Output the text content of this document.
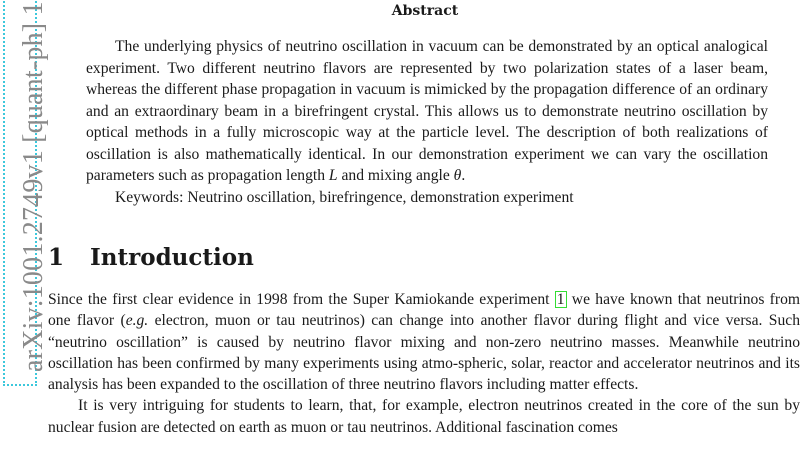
arXiv:1001.2749v1 [quant-ph] 1	Abstract

The underlying physics of neutrino oscillation in vacuum can be demonstrated by an optical analogical experiment. Two different neutrino flavors are represented by two polarization states of a laser beam, whereas the different phase propagation in vacuum is mimicked by the propagation difference of an ordinary and an extraordinary beam in a birefringent crystal. This allows us to demonstrate neutrino oscillation by optical methods in a fully microscopic way at the particle level. The description of both realizations of oscillation is also mathematically identical. In our demonstration experiment we can vary the oscillation parameters such as propagation length L and mixing angle θ.

Keywords: Neutrino oscillation, birefringence, demonstration experiment

1 Introduction

Since the first clear evidence in 1998 from the Super Kamiokande experiment 1 we have known that neutrinos from one flavor (e.g. electron, muon or tau neutrinos) can change into another flavor during flight and vice versa. Such “neutrino oscillation” is caused by neutrino flavor mixing and non-zero neutrino masses. Meanwhile neutrino oscillation has been confirmed by many experiments using atmo-spheric, solar, reactor and accelerator neutrinos and its analysis has been expanded to the oscillation of three neutrino flavors including matter effects.

It is very intriguing for students to learn, that, for example, electron neutrinos created in the core of the sun by nuclear fusion are detected on earth as muon or tau neutrinos. Additional fascination comes
